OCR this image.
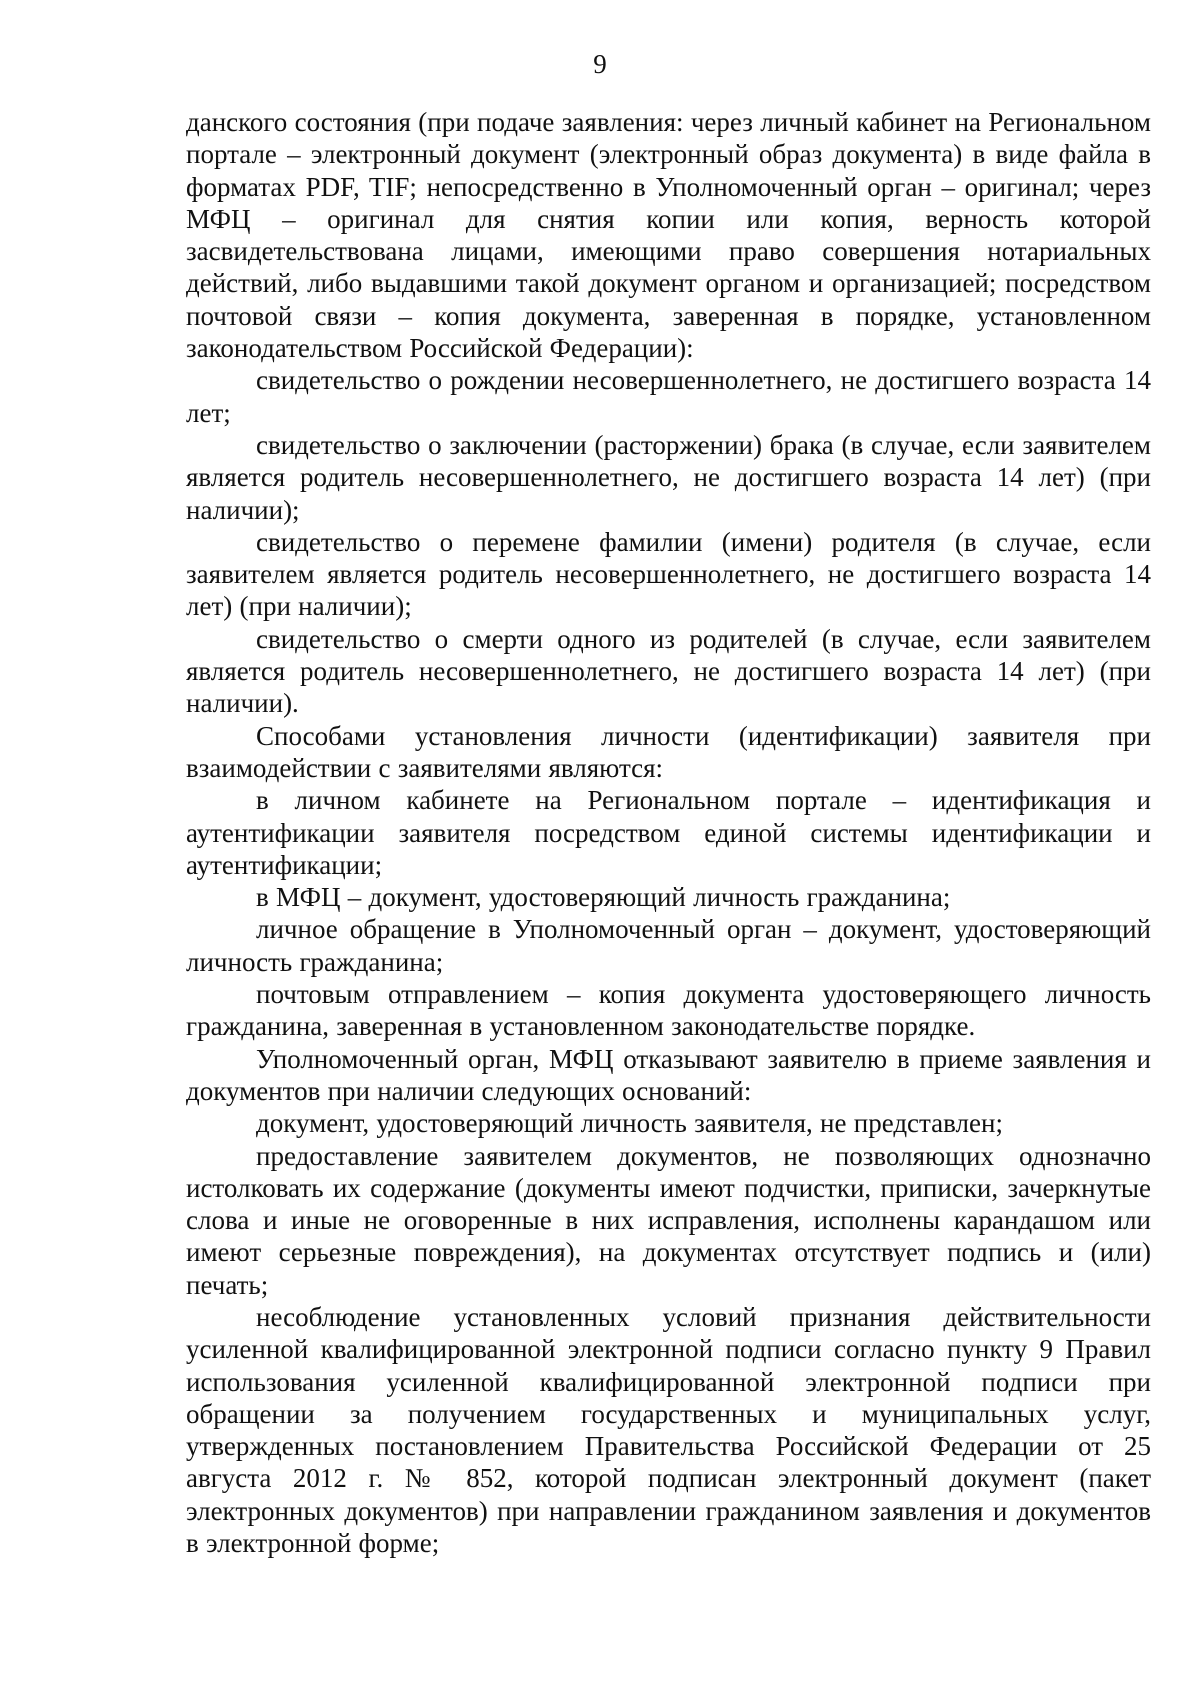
9

данского состояния (при подаче заявления: через личный кабинет на Региональном портале – электронный документ (электронный образ документа) в виде файла в форматах PDF, TIF; непосредственно в Уполномоченный орган – оригинал; через МФЦ – оригинал для снятия копии или копия, верность которой засвидетельствована лицами, имеющими право совершения нотариальных действий, либо выдавшими такой документ органом и организацией; посредством почтовой связи – копия документа, заверенная в порядке, установленном законодательством Российской Федерации):

свидетельство о рождении несовершеннолетнего, не достигшего возраста 14 лет;

свидетельство о заключении (расторжении) брака (в случае, если заявителем является родитель несовершеннолетнего, не достигшего возраста 14 лет) (при наличии);

свидетельство о перемене фамилии (имени) родителя (в случае, если заявителем является родитель несовершеннолетнего, не достигшего возраста 14 лет) (при наличии);

свидетельство о смерти одного из родителей (в случае, если заявителем является родитель несовершеннолетнего, не достигшего возраста 14 лет) (при наличии).

Способами установления личности (идентификации) заявителя при взаимодействии с заявителями являются:

в личном кабинете на Региональном портале – идентификация и аутентификации заявителя посредством единой системы идентификации и аутентификации;

в МФЦ – документ, удостоверяющий личность гражданина;

личное обращение в Уполномоченный орган – документ, удостоверяющий личность гражданина;

почтовым отправлением – копия документа удостоверяющего личность гражданина, заверенная в установленном законодательстве порядке.

Уполномоченный орган, МФЦ отказывают заявителю в приеме заявления и документов при наличии следующих оснований:

документ, удостоверяющий личность заявителя, не представлен;

предоставление заявителем документов, не позволяющих однозначно истолковать их содержание (документы имеют подчистки, приписки, зачеркнутые слова и иные не оговоренные в них исправления, исполнены карандашом или имеют серьезные повреждения), на документах отсутствует подпись и (или) печать;

несоблюдение установленных условий признания действительности усиленной квалифицированной электронной подписи согласно пункту 9 Правил использования усиленной квалифицированной электронной подписи при обращении за получением государственных и муниципальных услуг, утвержденных постановлением Правительства Российской Федерации от 25 августа 2012 г. № 852, которой подписан электронный документ (пакет электронных документов) при направлении гражданином заявления и документов в электронной форме;
